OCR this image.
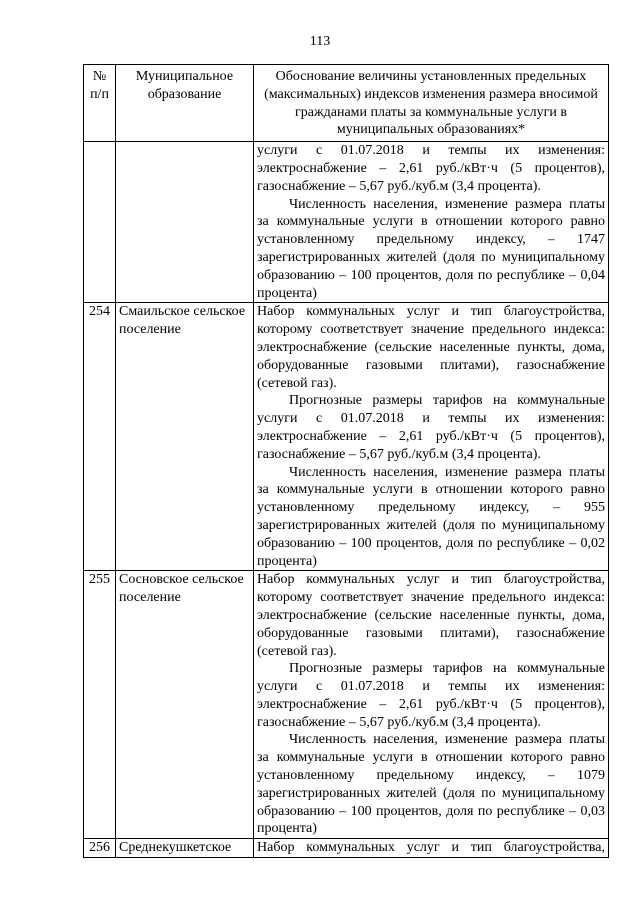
113
№ п/п	Муниципальное образование	Обоснование величины установленных предельных (максимальных) индексов изменения размера вносимой гражданами платы за коммунальные услуги в муниципальных образованиях*

		услуги с 01.07.2018 и темпы их изменения: электроснабжение – 2,61 руб./кВт·ч (5 процентов), газоснабжение – 5,67 руб./куб.м (3,4 процента).
Численность населения, изменение размера платы за коммунальные услуги в отношении которого равно установленному предельному индексу, – 1747 зарегистрированных жителей (доля по муниципальному образованию – 100 процентов, доля по республике – 0,04 процента)

254	Смаильское сельское поселение	Набор коммунальных услуг и тип благоустройства, которому соответствует значение предельного индекса: электроснабжение (сельские населенные пункты, дома, оборудованные газовыми плитами), газоснабжение (сетевой газ).
Прогнозные размеры тарифов на коммунальные услуги с 01.07.2018 и темпы их изменения: электроснабжение – 2,61 руб./кВт·ч (5 процентов), газоснабжение – 5,67 руб./куб.м (3,4 процента).
Численность населения, изменение размера платы за коммунальные услуги в отношении которого равно установленному предельному индексу, – 955 зарегистрированных жителей (доля по муниципальному образованию – 100 процентов, доля по республике – 0,02 процента)

255	Сосновское сельское поселение	Набор коммунальных услуг и тип благоустройства, которому соответствует значение предельного индекса: электроснабжение (сельские населенные пункты, дома, оборудованные газовыми плитами), газоснабжение (сетевой газ).
Прогнозные размеры тарифов на коммунальные услуги с 01.07.2018 и темпы их изменения: электроснабжение – 2,61 руб./кВт·ч (5 процентов), газоснабжение – 5,67 руб./куб.м (3,4 процента).
Численность населения, изменение размера платы за коммунальные услуги в отношении которого равно установленному предельному индексу, – 1079 зарегистрированных жителей (доля по муниципальному образованию – 100 процентов, доля по республике – 0,03 процента)

256	Среднекушкетское	Набор коммунальных услуг и тип благоустройства,
